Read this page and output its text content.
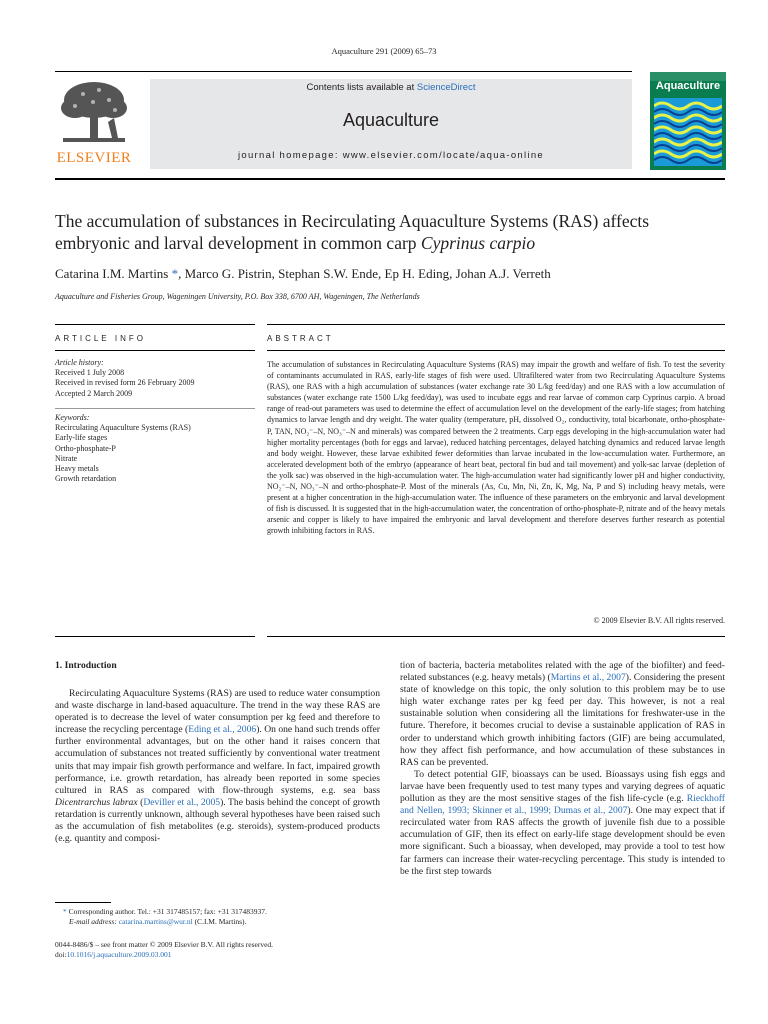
Aquaculture 291 (2009) 65–73
ELSEVIER
Contents lists available at ScienceDirect
Aquaculture
journal homepage: www.elsevier.com/locate/aqua-online
Aquaculture
The accumulation of substances in Recirculating Aquaculture Systems (RAS) affects
embryonic and larval development in common carp Cyprinus carpio
Catarina I.M. Martins *, Marco G. Pistrin, Stephan S.W. Ende, Ep H. Eding, Johan A.J. Verreth
Aquaculture and Fisheries Group, Wageningen University, P.O. Box 338, 6700 AH, Wageningen, The Netherlands
ARTICLE INFO
Article history:
Received 1 July 2008
Received in revised form 26 February 2009
Accepted 2 March 2009
Keywords:
Recirculating Aquaculture Systems (RAS)
Early-life stages
Ortho-phosphate-P
Nitrate
Heavy metals
Growth retardation
ABSTRACT
The accumulation of substances in Recirculating Aquaculture Systems (RAS) may impair the growth and welfare of fish. To test the severity of contaminants accumulated in RAS, early-life stages of fish were used. Ultrafiltered water from two Recirculating Aquaculture Systems (RAS), one RAS with a high accumulation of substances (water exchange rate 30 L/kg feed/day) and one RAS with a low accumulation of substances (water exchange rate 1500 L/kg feed/day), was used to incubate eggs and rear larvae of common carp Cyprinus carpio. A broad range of read-out parameters was used to determine the effect of accumulation level on the development of the early-life stages; from hatching dynamics to larvae length and dry weight. The water quality (temperature, pH, dissolved O₂, conductivity, total bicarbonate, ortho-phosphate-P, TAN, NO₂⁻–N, NO₃⁻–N and minerals) was compared between the 2 treatments. Carp eggs developing in the high-accumulation water had higher mortality percentages (both for eggs and larvae), reduced hatching percentages, delayed hatching dynamics and reduced larvae length and body weight. However, these larvae exhibited fewer deformities than larvae incubated in the low-accumulation water. Furthermore, an accelerated development both of the embryo (appearance of heart beat, pectoral fin bud and tail movement) and yolk-sac larvae (depletion of the yolk sac) was observed in the high-accumulation water. The high-accumulation water had significantly lower pH and higher conductivity, NO₂⁻–N, NO₃⁻–N and ortho-phosphate-P. Most of the minerals (As, Cu, Mn, Ni, Zn, K, Mg, Na, P and S) including heavy metals, were present at a higher concentration in the high-accumulation water. The influence of these parameters on the embryonic and larval development of fish is discussed. It is suggested that in the high-accumulation water, the concentration of ortho-phosphate-P, nitrate and of the heavy metals arsenic and copper is likely to have impaired the embryonic and larval development and therefore deserves further research as potential growth inhibiting factors in RAS.
© 2009 Elsevier B.V. All rights reserved.
1. Introduction
Recirculating Aquaculture Systems (RAS) are used to reduce water consumption and waste discharge in land-based aquaculture. The trend in the way these RAS are operated is to decrease the level of water consumption per kg feed and therefore to increase the recycling percentage (Eding et al., 2006). On one hand such trends offer further environmental advantages, but on the other hand it raises concern that accumulation of substances not treated sufficiently by conventional water treatment units that may impair fish growth performance and welfare. In fact, impaired growth performance, i.e. growth retardation, has already been reported in some species cultured in RAS as compared with flow-through systems, e.g. sea bass Dicentrarchus labrax (Deviller et al., 2005). The basis behind the concept of growth retardation is currently unknown, although several hypotheses have been raised such as the accumulation of fish metabolites (e.g. steroids), system-produced products (e.g. quantity and composi-

tion of bacteria, bacteria metabolites related with the age of the biofilter) and feed-related substances (e.g. heavy metals) (Martins et al., 2007). Considering the present state of knowledge on this topic, the only solution to this problem may be to use high water exchange rates per kg feed per day. This however, is not a real sustainable solution when considering all the limitations for freshwater-use in the future. Therefore, it becomes crucial to devise a sustainable application of RAS in order to understand which growth inhibiting factors (GIF) are being accumulated, how they affect fish performance, and how accumulation of these substances in RAS can be prevented.

To detect potential GIF, bioassays can be used. Bioassays using fish eggs and larvae have been frequently used to test many types and varying degrees of aquatic pollution as they are the most sensitive stages of the fish life-cycle (e.g. Rieckhoff and Nellen, 1993; Skinner et al., 1999; Dumas et al., 2007). One may expect that if recirculated water from RAS affects the growth of juvenile fish due to a possible accumulation of GIF, then its effect on early-life stage development should be even more significant. Such a bioassay, when developed, may provide a tool to test how far farmers can increase their water-recycling percentage. This study is intended to be the first step towards

* Corresponding author. Tel.: +31 317485157; fax: +31 317483937.
E-mail address: catarina.martins@wur.nl (C.I.M. Martins).
0044-8486/$ – see front matter © 2009 Elsevier B.V. All rights reserved.
doi:10.1016/j.aquaculture.2009.03.001
